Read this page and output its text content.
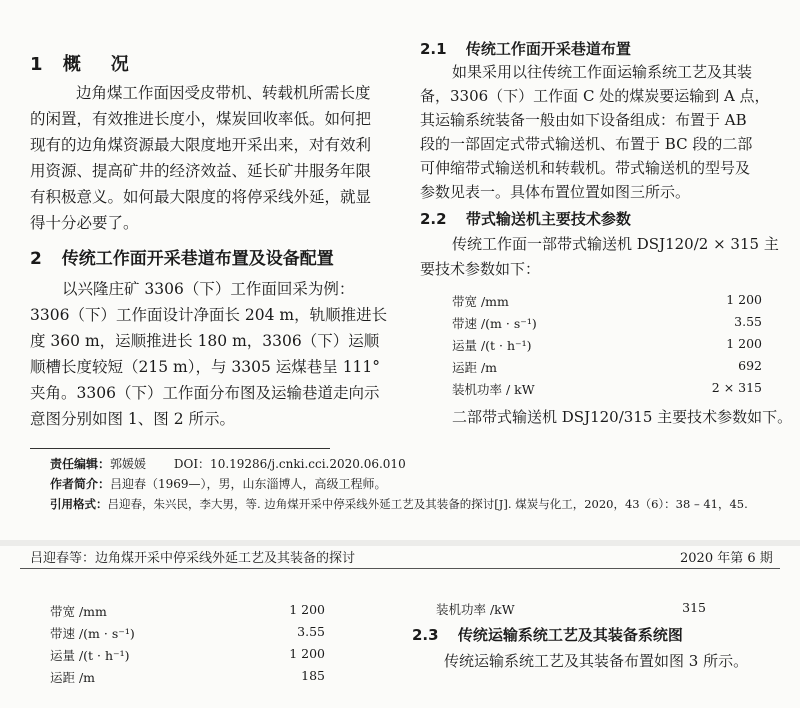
1 概　况
边角煤工作面因受皮带机、转载机所需长度
的闲置，有效推进长度小，煤炭回收率低。如何把
现有的边角煤资源最大限度地开采出来，对有效利
用资源、提高矿井的经济效益、延长矿井服务年限
有积极意义。如何最大限度的将停采线外延，就显
得十分必要了。
2 传统工作面开采巷道布置及设备配置
以兴隆庄矿 3306（下）工作面回采为例：
3306（下）工作面设计净面长 204 m，轨顺推进长
度 360 m，运顺推进长 180 m，3306（下）运顺
顺槽长度较短（215 m），与 3305 运煤巷呈 111°
夹角。3306（下）工作面分布图及运输巷道走向示
意图分别如图 1、图 2 所示。
2.1 传统工作面开采巷道布置
如果采用以往传统工作面运输系统工艺及其装
备，3306（下）工作面 C 处的煤炭要运输到 A 点，
其运输系统装备一般由如下设备组成：布置于 AB
段的一部固定式带式输送机、布置于 BC 段的二部
可伸缩带式输送机和转载机。带式输送机的型号及
参数见表一。具体布置位置如图三所示。
2.2 带式输送机主要技术参数
传统工作面一部带式输送机 DSJ120/2 × 315 主
要技术参数如下：
带宽 /mm	1 200
带速 /(m · s⁻¹)	3.55
运量 /(t · h⁻¹)	1 200
运距 /m	692
装机功率 / kW	2 × 315
二部带式输送机 DSJ120/315 主要技术参数如下。
责任编辑：郭媛媛 DOI：10.19286/j.cnki.cci.2020.06.010
作者简介：吕迎春（1969—），男，山东淄博人，高级工程师。
引用格式：吕迎春，朱兴民，李大男，等. 边角煤开采中停采线外延工艺及其装备的探讨[J]. 煤炭与化工，2020，43（6）：38 – 41，45.
吕迎春等：边角煤开采中停采线外延工艺及其装备的探讨	2020 年第 6 期
带宽 /mm	1 200
带速 /(m · s⁻¹)	3.55
运量 /(t · h⁻¹)	1 200
运距 /m	185
装机功率 /kW	315
2.3 传统运输系统工艺及其装备系统图
传统运输系统工艺及其装备布置如图 3 所示。
